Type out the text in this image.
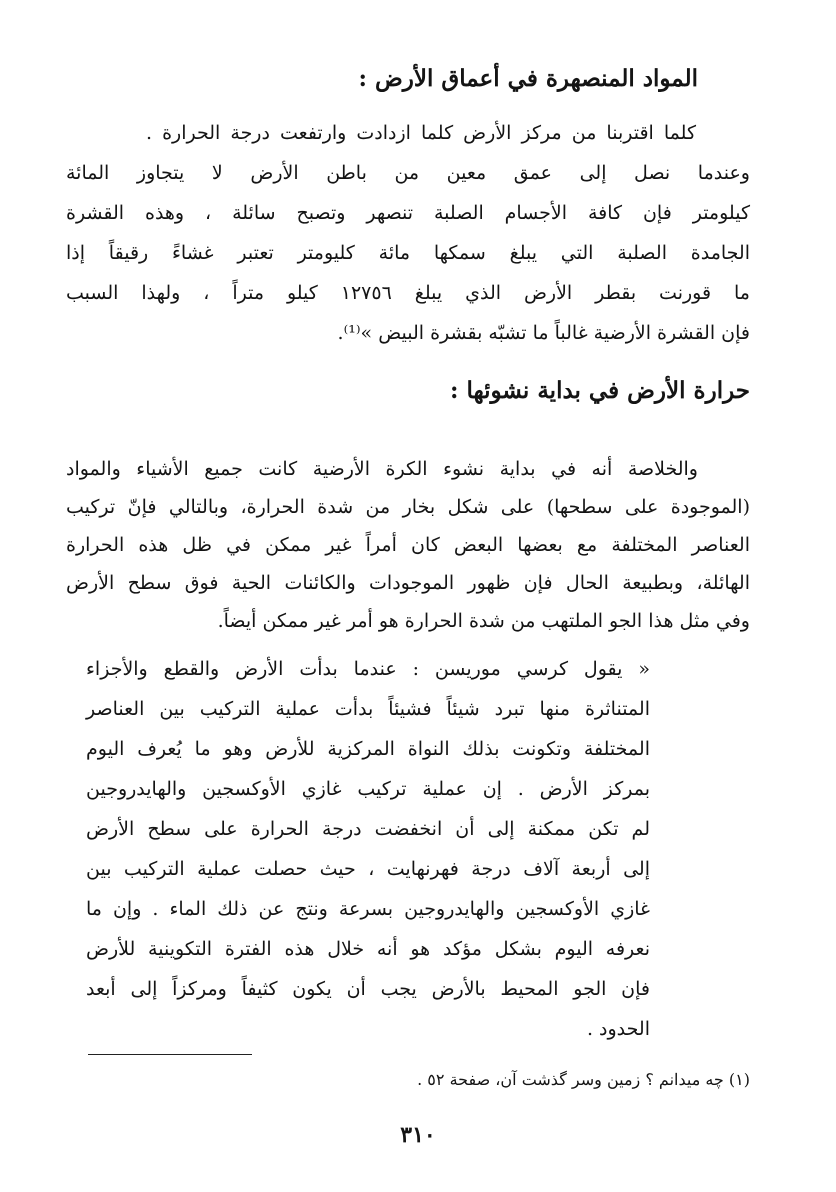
المواد المنصهرة في أعماق الأرض :
كلما اقتربنا من مركز الأرض كلما ازدادت وارتفعت درجة الحرارة .
وعندما نصل إلى عمق معين من باطن الأرض لا يتجاوز المائة
كيلومتر فإن كافة الأجسام الصلبة تنصهر وتصبح سائلة ، وهذه القشرة
الجامدة الصلبة التي يبلغ سمكها مائة كليومتر تعتبر غشاءً رقيقاً إذا
ما قورنت بقطر الأرض الذي يبلغ ١٢٧٥٦ كيلو متراً ، ولهذا السبب
فإن القشرة الأرضية غالباً ما تشبّه بقشرة البيض »⁽¹⁾.
حرارة الأرض في بداية نشوئها :
والخلاصة أنه في بداية نشوء الكرة الأرضية كانت جميع الأشياء والمواد
(الموجودة على سطحها) على شكل بخار من شدة الحرارة، وبالتالي فإنّ تركيب
العناصر المختلفة مع بعضها البعض كان أمراً غير ممكن في ظل هذه الحرارة
الهائلة، وبطبيعة الحال فإن ظهور الموجودات والكائنات الحية فوق سطح الأرض
وفي مثل هذا الجو الملتهب من شدة الحرارة هو أمر غير ممكن أيضاً.
« يقول كرسي موريسن : عندما بدأت الأرض والقطع والأجزاء
المتناثرة منها تبرد شيئاً فشيئاً بدأت عملية التركيب بين العناصر
المختلفة وتكونت بذلك النواة المركزية للأرض وهو ما يُعرف اليوم
بمركز الأرض . إن عملية تركيب غازي الأوكسجين والهايدروجين
لم تكن ممكنة إلى أن انخفضت درجة الحرارة على سطح الأرض
إلى أربعة آلاف درجة فهرنهايت ، حيث حصلت عملية التركيب بين
غازي الأوكسجين والهايدروجين بسرعة ونتج عن ذلك الماء . وإن ما
نعرفه اليوم بشكل مؤكد هو أنه خلال هذه الفترة التكوينية للأرض
فإن الجو المحيط بالأرض يجب أن يكون كثيفاً ومركزاً إلى أبعد
الحدود .
(١) چه ميدانم ؟ زمين وسر گذشت آن، صفحة ٥٢ .
٣١٠
